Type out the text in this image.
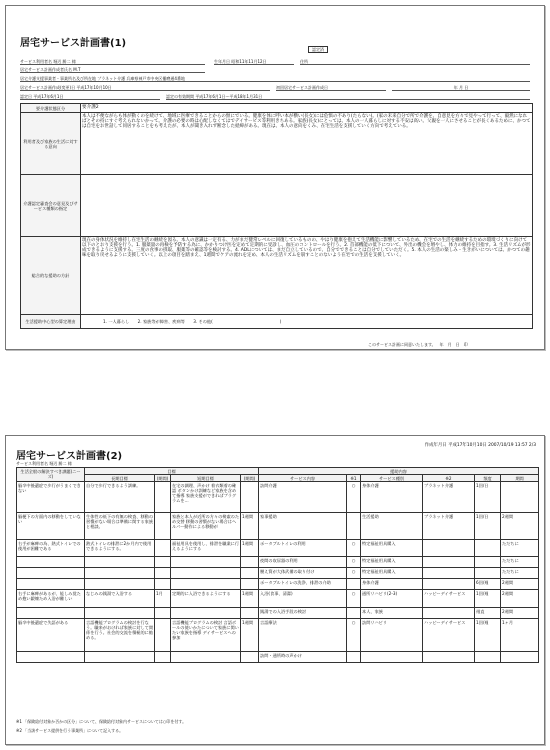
居宅サービス計画書(1)
認定済
サービス利用者名 堀辺 勝二 様	生年月日 昭和11年11月12日	住所
居宅サービス計画作成者氏名 M.T
居宅介護支援事業者・事業所名及び所在地 プラネット介護 兵庫県神戸市中央区播磨通4番地
居宅サービス計画作成(変更)日 平成17年10月10日	初回居宅サービス計画作成日	年 月 日
認定日 平成17年6月1日	認定の有効期間 平成17年6月1日〜平成18年1月31日
要介護状態区分	要介護2
利用者及び家族の生活に対する意向	本人は不便ながらも体が動くのを続けて、地域に医療できることからの無にでいる。健康を体に呼い本が横い(長女)には危惧の不あり(たらない)。(家の未来自分で所で介護を、自意見を方々で見やって行って、毅然になればとその持にすぐ考えられないかって。介護の必要の時は心配しなくてはでデイサービス等利用きちある。家族(長女)にとっては、本人の一人暮らしに対する不安は高い。父親を一人にさせることが長くあるために、かつては自宅をお世話して同居することをも考えたが、本人が聞き入れず断念した経緯がある。現在は、本人の意向をくみ、在宅生活を支援していく方向で考えている。
介護認定審査会の意見及びサービス種類の指定	
総合的な援助の方針	現在の身体状況を維持し在宅生活の継続を図る。本人の意識は一定有る、力がまだ健常レベルに回復しているものの、やはり健康を抱えて生活機能に影響しているため、在宅での生活を継続するための環境づくりに向けて以下のとおり支援を行う。1. 服薬量の再検を予防する為に、かかりつけ医を定めて定期的に受診し、血圧のコントロールを行う。2. 首部機能の低下について、外出の機会を増やし、体力の維持を目指す。3. 生活リズムが形成できるように支援する。三度の食事の摂取、服薬等の確認等を検討する。4. ADLについては、まだ自立しているので、自分でできることは自分でしていただく。5. 本人の生活の楽しみ・生きがいについては、かつての趣味を取り戻せるように支援していく。以上の項目を踏まえ、1週間でケアの流れを定め、本人の生活リズムを崩すことのないよう在宅での生活を支援していく。
生活援助中心型の算定理由	1. 一人暮らし　　2. 家族等が障害、疾病等　　3. その他(　　　　　　　　　　　　　　　　)
このサービス計画に同意いたします。　年　月　日　印
居宅サービス計画書(2)
作成年月日 平成17年10月10日 2007/10/19 13:57 2/3
サービス利用者名 堀辺 勝二 様
生活全般の解決すべき課題(ニーズ)	目標				援助内容					
	長期目標	(期間)	短期目標	(期間)	サービス内容	※1	サービス種別	※2	頻度	期間
脳卒中後遺症で歩行がうまくできない	自分で歩行できるよう訓練。		在宅の調理、声かけ 着衣類着の確認 ボタンかけ訓練など家族を含めて指導 家族支援ができればプラグラムを…		訪問介護	○	身体介護	プラネット介護	1回/日	
脳梗下の方面内の移動をしていない	生体性の低下の有無の検査、移動の習慣がない場合は準備に関する家族と相談。		家族と本人が近所の方々の検索のため交替 移動の習慣がない場合はヘルパー動作による移動が	1週間	家事援助		生活援助	プラネット介護	1回/日	2週間
右手が麻痺の為、熱式トイレでの使用が困難である	熱式トイレの排泄に2か月内で使用できるようにする。		福祉用具を使用し、排泄を職業に行えるようにする	1週間	ポータブルトイレの利用	○	特定福祉用具購入			ただちに
					夜間の収尿器の利用	○	特定福祉用具購入			ただちに
					腰え質が大体武備の取り付け	○	特定福祉用具購入			ただちに
					ポータブルトイレの洗浄、排泄の介助		身体介護		6回/週	2週間
右手に麻痺があるが、能しみ覚ため抱い鍛煉ため入浴が難しい	なじみの銭湯で入浴する	1月	定期的に入浴できるようにする	1週間	入浴(食事、清潔)	○	通所リハビリ(2-3)	ハッピーデイサービス	1回/週	2週間
					銭湯での入浴手段の検討		本人、家族		週直	2週間
脳卒中後遺症で失語がある	言語機能プログラムの検討を行なう。職来がおければ家族に対して関係を行う。社会的交流を積極的に勧める。		言語機能プログラムの検討 言語ボールの使いかたについて家族に関いたい家族を指導 デイサービスへの参加	1週間	言語療法	○	訪問リハビリ	ハッピーデイサービス	1回/週	1ヶ月
					訪問・通所時の声かけ					
※1 「保険給付対象か否かの区分」について、保険給付対象内サービスについては○印を付す。
※2 「当該サービス提供を行う事業所」について記入する。
